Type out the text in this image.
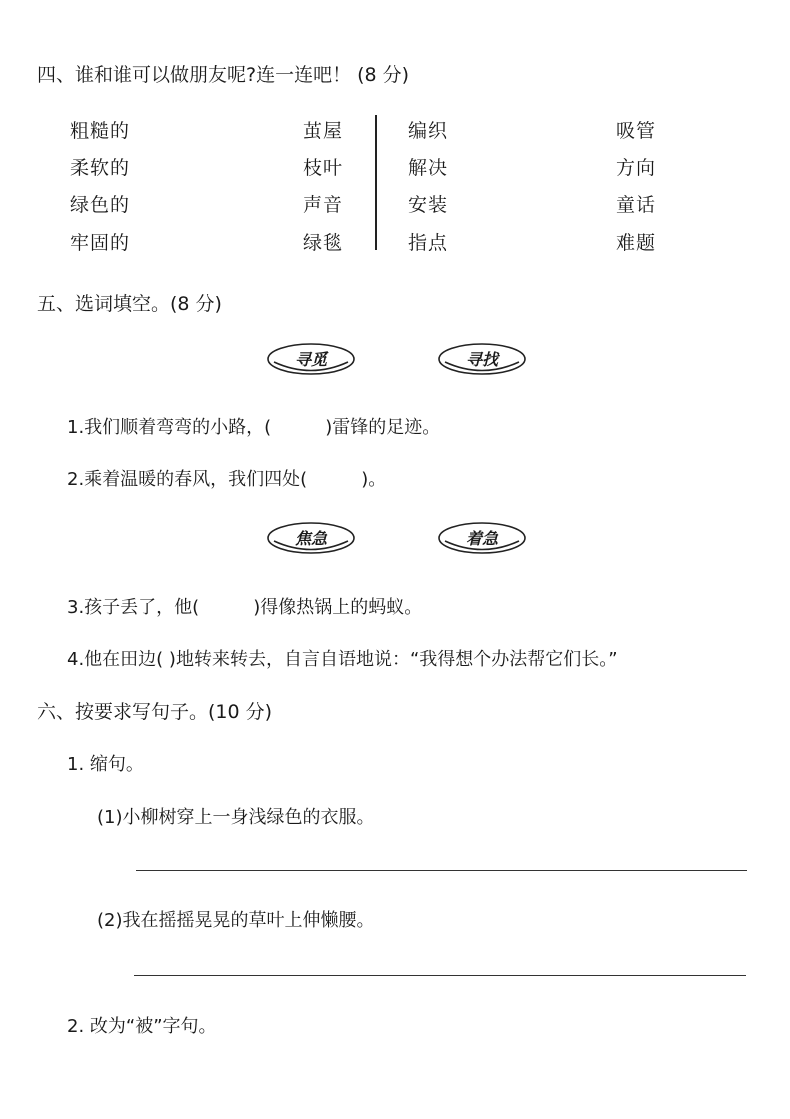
四、谁和谁可以做朋友呢?连一连吧！ (8 分)
粗糙的
柔软的
绿色的
牢固的
茧屋
枝叶
声音
绿毯
编织
解决
安装
指点
吸管
方向
童话
难题
五、选词填空。(8 分)
寻觅	寻找
1.我们顺着弯弯的小路，(　　　)雷锋的足迹。
2.乘着温暖的春风，我们四处(　　　)。
焦急	着急
3.孩子丢了，他(　　　)得像热锅上的蚂蚁。
4.他在田边( )地转来转去，自言自语地说：“我得想个办法帮它们长。”
六、按要求写句子。(10 分)
1. 缩句。
(1)小柳树穿上一身浅绿色的衣服。
(2)我在摇摇晃晃的草叶上伸懒腰。
2. 改为“被”字句。
